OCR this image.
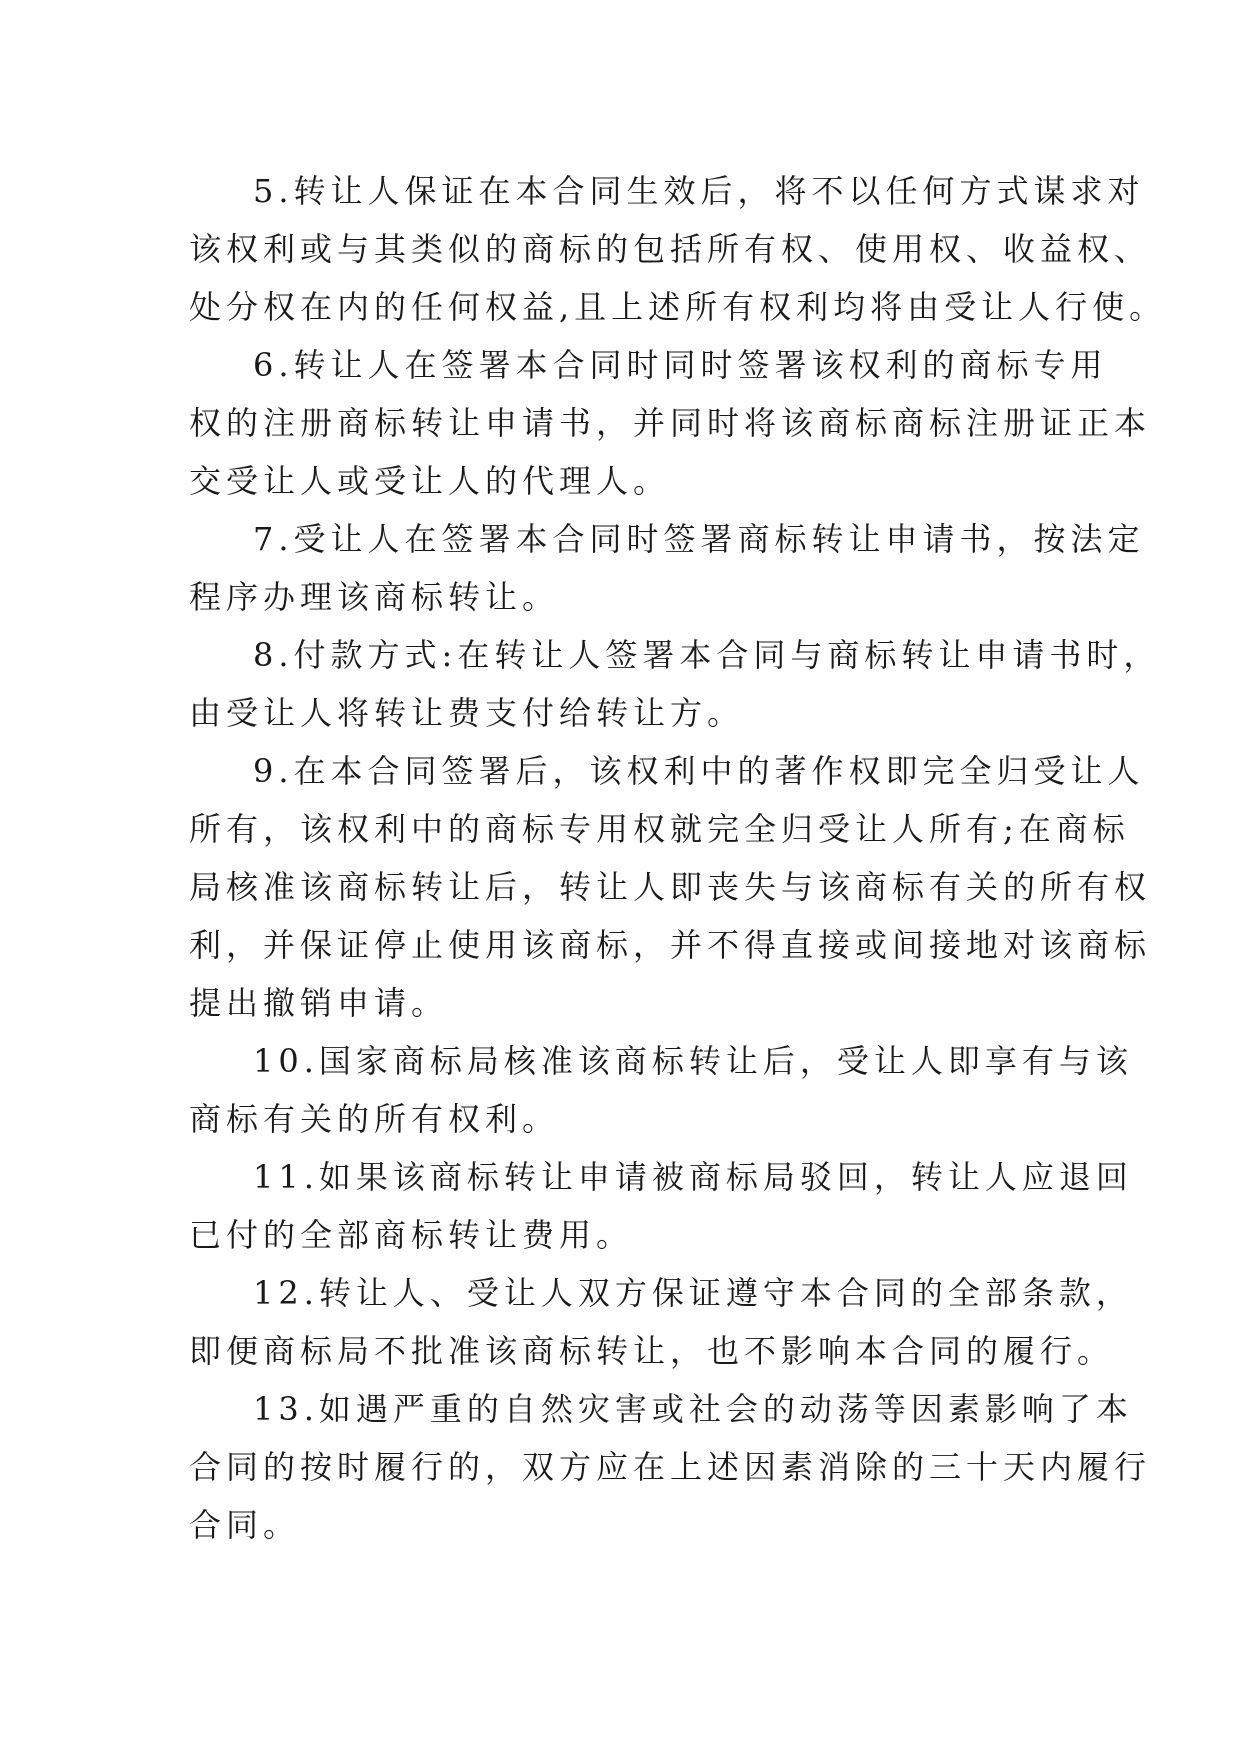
5.转让人保证在本合同生效后，将不以任何方式谋求对
该权利或与其类似的商标的包括所有权、使用权、收益权、
处分权在内的任何权益,且上述所有权利均将由受让人行使。
6.转让人在签署本合同时同时签署该权利的商标专用
权的注册商标转让申请书，并同时将该商标商标注册证正本
交受让人或受让人的代理人。
7.受让人在签署本合同时签署商标转让申请书，按法定
程序办理该商标转让。
8.付款方式:在转让人签署本合同与商标转让申请书时，
由受让人将转让费支付给转让方。
9.在本合同签署后，该权利中的著作权即完全归受让人
所有，该权利中的商标专用权就完全归受让人所有;在商标
局核准该商标转让后，转让人即丧失与该商标有关的所有权
利，并保证停止使用该商标，并不得直接或间接地对该商标
提出撤销申请。
10.国家商标局核准该商标转让后，受让人即享有与该
商标有关的所有权利。
11.如果该商标转让申请被商标局驳回，转让人应退回
已付的全部商标转让费用。
12.转让人、受让人双方保证遵守本合同的全部条款，
即便商标局不批准该商标转让，也不影响本合同的履行。
13.如遇严重的自然灾害或社会的动荡等因素影响了本
合同的按时履行的，双方应在上述因素消除的三十天内履行
合同。
